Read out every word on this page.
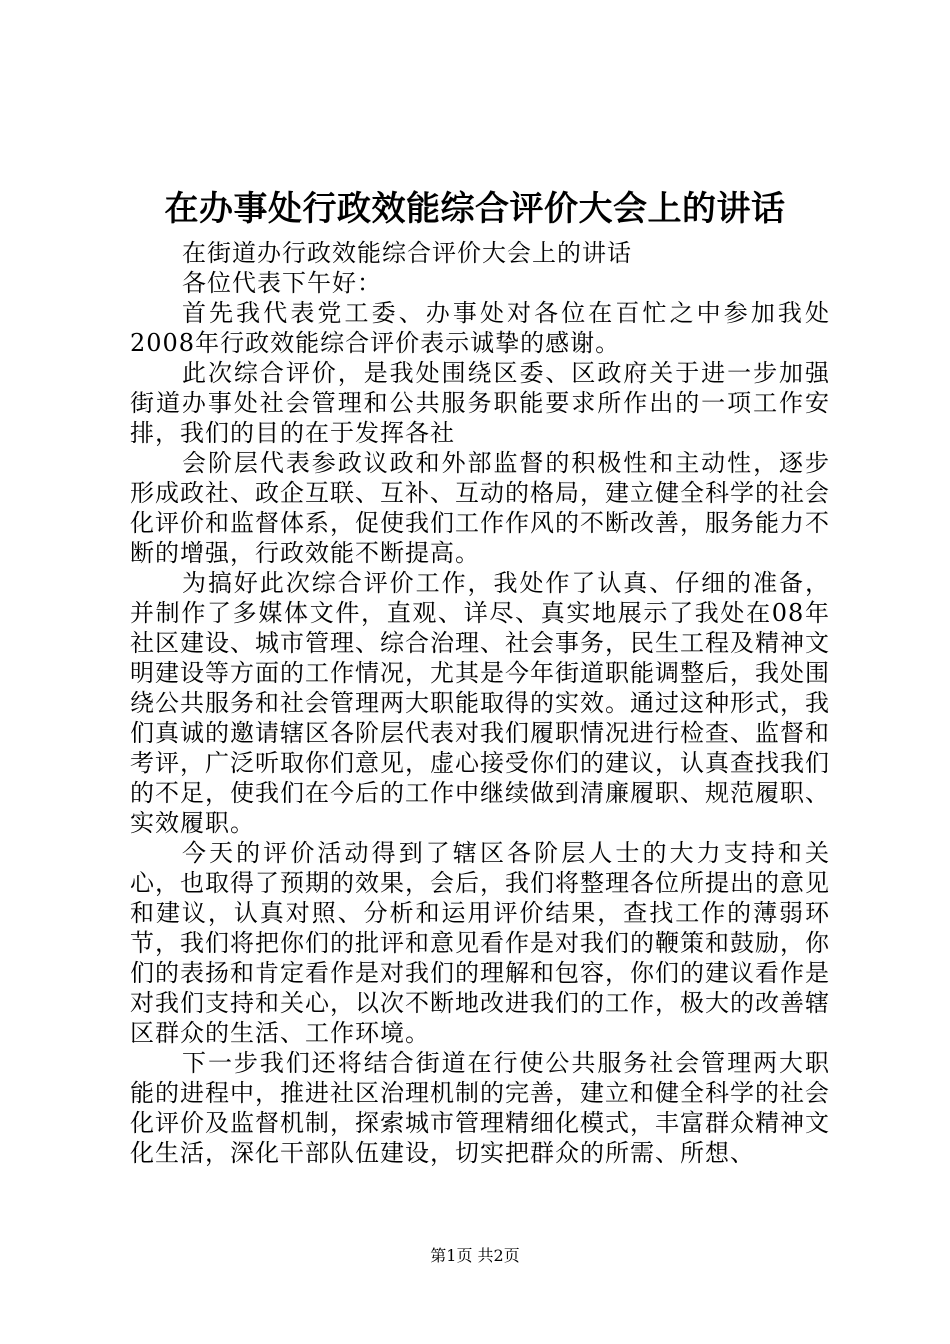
在办事处行政效能综合评价大会上的讲话

在街道办行政效能综合评价大会上的讲话

各位代表下午好：

首先我代表党工委、办事处对各位在百忙之中参加我处2008年行政效能综合评价表示诚挚的感谢。

此次综合评价，是我处围绕区委、区政府关于进一步加强街道办事处社会管理和公共服务职能要求所作出的一项工作安排，我们的目的在于发挥各社

会阶层代表参政议政和外部监督的积极性和主动性，逐步形成政社、政企互联、互补、互动的格局，建立健全科学的社会化评价和监督体系，促使我们工作作风的不断改善，服务能力不断的增强，行政效能不断提高。

为搞好此次综合评价工作，我处作了认真、仔细的准备，并制作了多媒体文件，直观、详尽、真实地展示了我处在08年社区建设、城市管理、综合治理、社会事务，民生工程及精神文明建设等方面的工作情况，尤其是今年街道职能调整后，我处围绕公共服务和社会管理两大职能取得的实效。通过这种形式，我们真诚的邀请辖区各阶层代表对我们履职情况进行检查、监督和考评，广泛听取你们意见，虚心接受你们的建议，认真查找我们的不足，使我们在今后的工作中继续做到清廉履职、规范履职、实效履职。

今天的评价活动得到了辖区各阶层人士的大力支持和关心，也取得了预期的效果，会后，我们将整理各位所提出的意见和建议，认真对照、分析和运用评价结果，查找工作的薄弱环节，我们将把你们的批评和意见看作是对我们的鞭策和鼓励，你们的表扬和肯定看作是对我们的理解和包容，你们的建议看作是对我们支持和关心，以次不断地改进我们的工作，极大的改善辖区群众的生活、工作环境。

下一步我们还将结合街道在行使公共服务社会管理两大职能的进程中，推进社区治理机制的完善，建立和健全科学的社会化评价及监督机制，探索城市管理精细化模式，丰富群众精神文化生活，深化干部队伍建设，切实把群众的所需、所想、

第1页 共2页
